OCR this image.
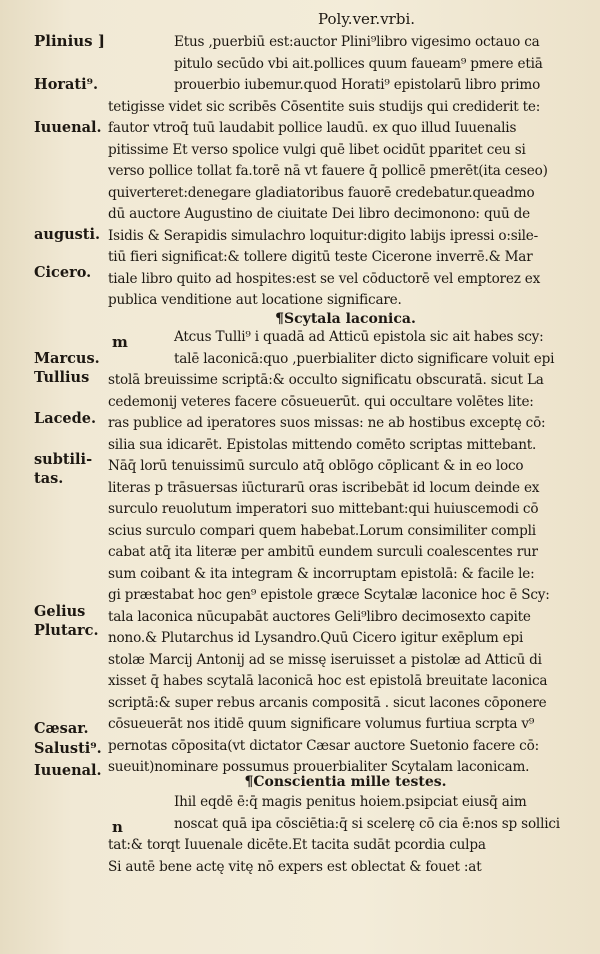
Plinius ]
Poly.ver.vrbi.
Horati⁹.
Iuuenal.
augusti.
Cicero.
Marcus.
Tullius
Lacede.
subtili-
tas.
Gelius
Plutarc.
Cæsar.
Salusti⁹.
Iuuenal.
Etus ,puerbiū est:auctor Plini⁹libro vigesimo octauo ca
pitulo secūdo vbi ait.pollices quum faueam⁹ pmere etiā
prouerbio iubemur.quod Horati⁹ epistolarū libro primo
tetigisse videt sic scribēs Cōsentite suis studijs qui crediderit te:
fautor vtroq̄ tuū laudabit pollice laudū. ex quo illud Iuuenalis
pitissime Et verso spolice vulgi quē libet ocidūt pparitet ceu si
verso pollice tollat fa.torē nā vt fauere q̄ pollicē pmerēt(ita ceseo)
quiverteret:denegare gladiatoribus fauorē credebatur.queadmo
dū auctore Augustino de ciuitate Dei libro decimonono: quū de
Isidis & Serapidis simulachro loquitur:digito labijs ipressi o:sile-
tiū fieri significat:& tollere digitū teste Cicerone inverrē.& Mar
tiale libro quito ad hospites:est se vel cōductorē vel emptorez ex
publica venditione aut locatione significare.
¶Scytala laconica.
m	Atcus Tulli⁹ i quadā ad Atticū epistola sic ait habes scy:
talē laconicā:quo ,puerbialiter dicto significare voluit epi
stolā breuissime scriptā:& occulto significatu obscuratā. sicut La
cedemonij veteres facere cōsueuerūt. qui occultare volētes lite:
ras publice ad iperatores suos missas: ne ab hostibus exceptę cō:
silia sua idicarēt. Epistolas mittendo comēto scriptas mittebant.
Nāq̄ lorū tenuissimū surculo atq̄ oblōgo cōplicant & in eo loco
literas p trāsuersas iūcturarū oras iscribebāt id locum deinde ex
surculo reuolutum imperatori suo mittebant:qui huiuscemodi cō
scius surculo compari quem habebat.Lorum consimiliter compli
cabat atq̄ ita literæ per ambitū eundem surculi coalescentes rur
sum coibant & ita integram & incorruptam epistolā: & facile le:
gi præstabat hoc gen⁹ epistole græce Scytalæ laconice hoc ē Scy:
tala laconica nūcupabāt auctores Geli⁹libro decimosexto capite
nono.& Plutarchus id Lysandro.Quū Cicero igitur exēplum epi
stolæ Marcij Antonij ad se missę iseruisset a pistolæ ad Atticū di
xisset q̄ habes scytalā laconicā hoc est epistolā breuitate laconica
scriptā:& super rebus arcanis compositā . sicut lacones cōponere
cōsueuerāt nos itidē quum significare volumus furtiua scrpta v⁹
pernotas cōposita(vt dictator Cæsar auctore Suetonio facere cō:
sueuit)nominare possumus prouerbialiter Scytalam laconicam.
¶Conscientia mille testes.
n
Ihil eqdē ē:q̄ magis penitus hoiem.psipciat eiusq̄ aim
noscat quā ipa cōsciētia:q̄ si scelerę cō cia ē:nos sp sollici
tat:& torqt Iuuenale dicēte.Et tacita sudāt pcordia culpa
Si autē bene actę vitę nō expers est oblectat & fouet :at
